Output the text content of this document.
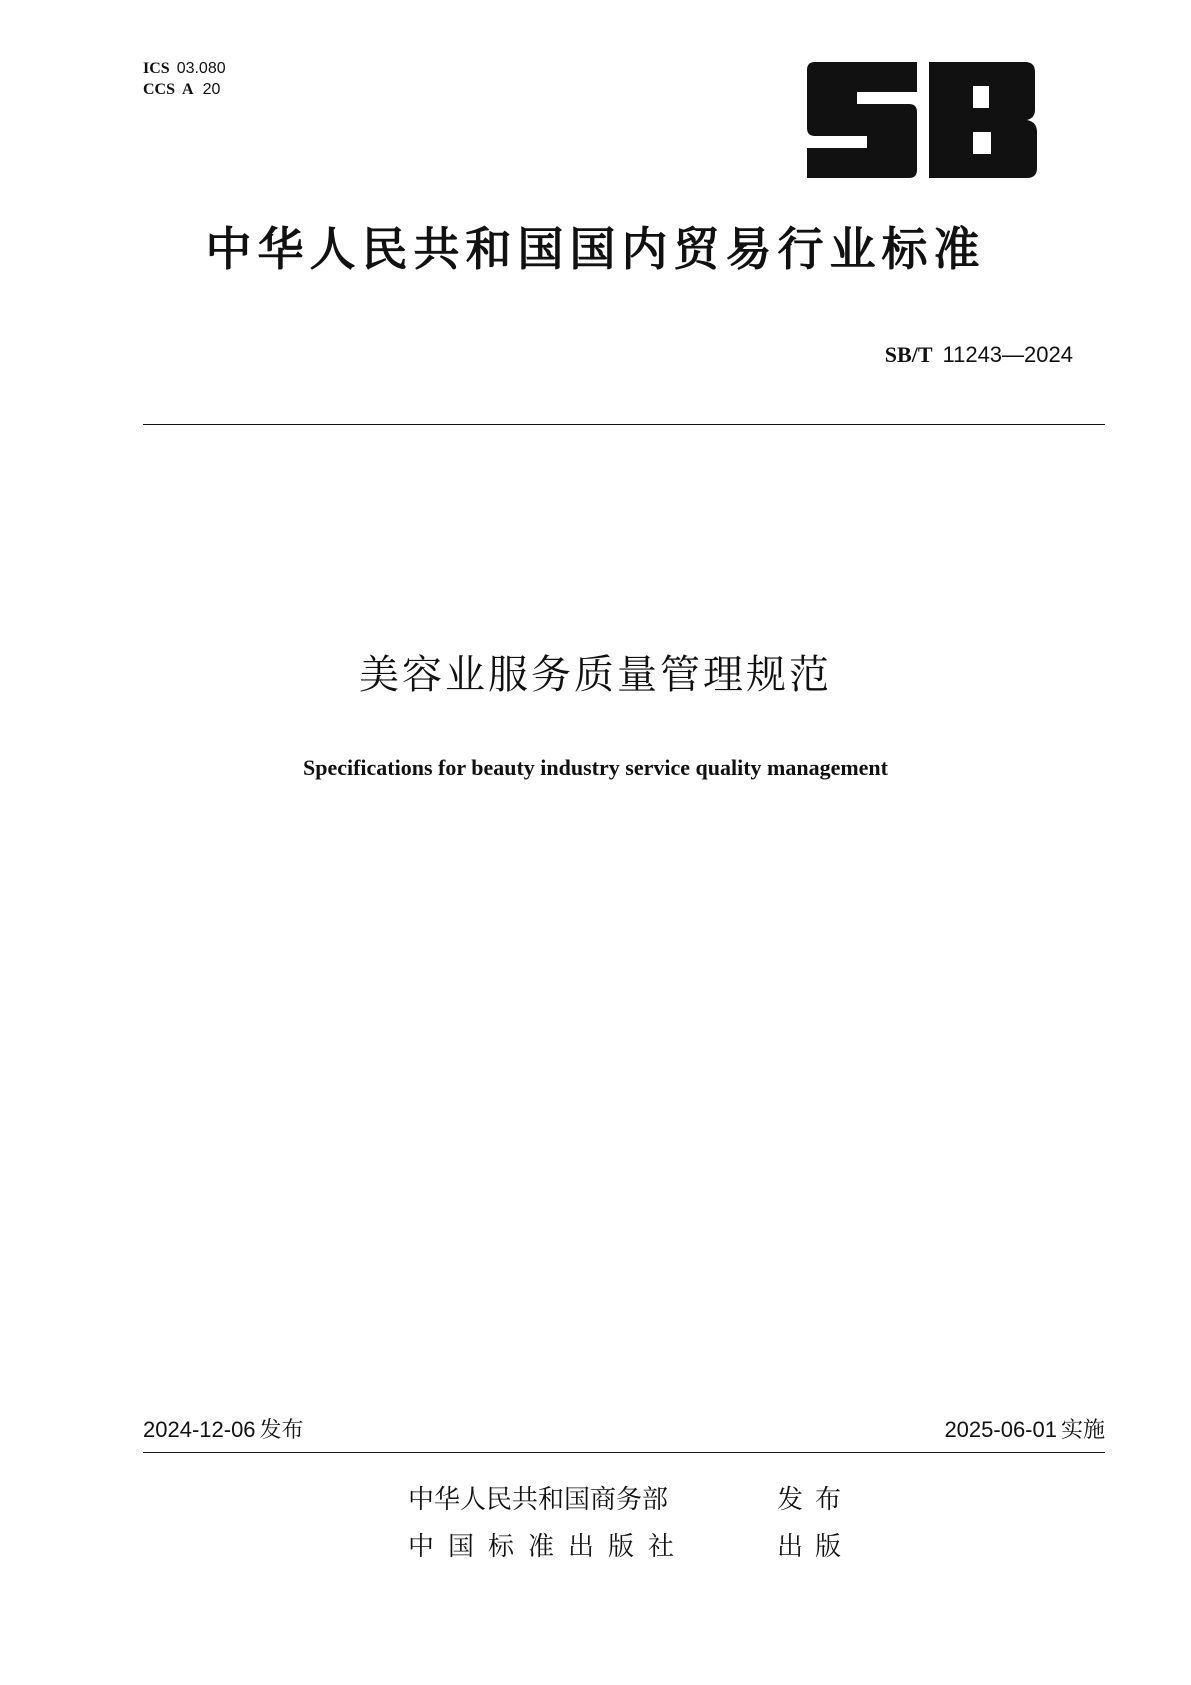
ICS 03.080
CCS A 20
中华人民共和国国内贸易行业标准
SB/T 11243—2024
美容业服务质量管理规范
Specifications for beauty industry service quality management
2024-12-06 发布	2025-06-01 实施
中华人民共和国商务部	发布
中国标准出版社	出版
